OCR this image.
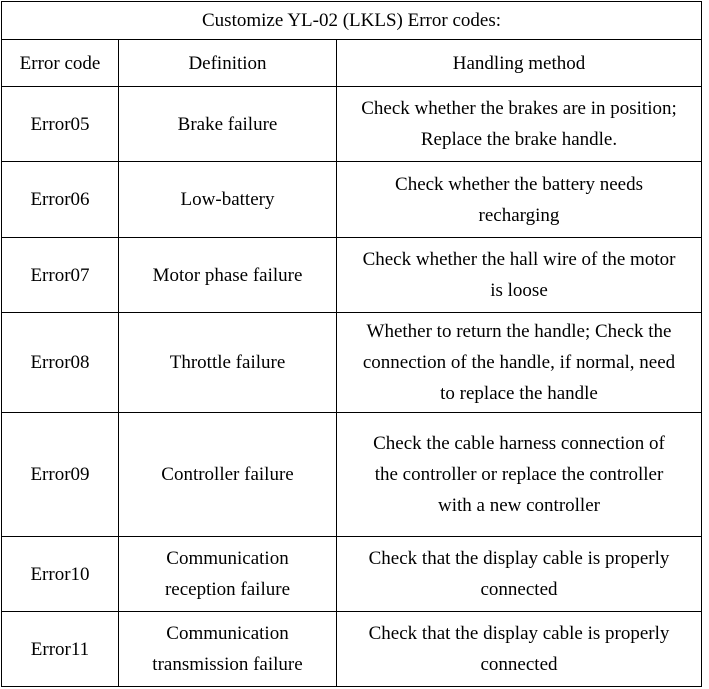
Customize YL-02 (LKLS) Error codes:		
Error code	Definition	Handling method
Error05	Brake failure	Check whether the brakes are in position;
Replace the brake handle.

Error06	Low-battery	Check whether the battery needs
recharging

Error07	Motor phase failure	Check whether the hall wire of the motor
is loose

Error08	Throttle failure	Whether to return the handle; Check the
connection of the handle, if normal, need
to replace the handle

Error09	Controller failure	Check the cable harness connection of
the controller or replace the controller
with a new controller

Error10	Communication
reception failure	Check that the display cable is properly
connected

Error11	Communication
transmission failure	Check that the display cable is properly
connected
